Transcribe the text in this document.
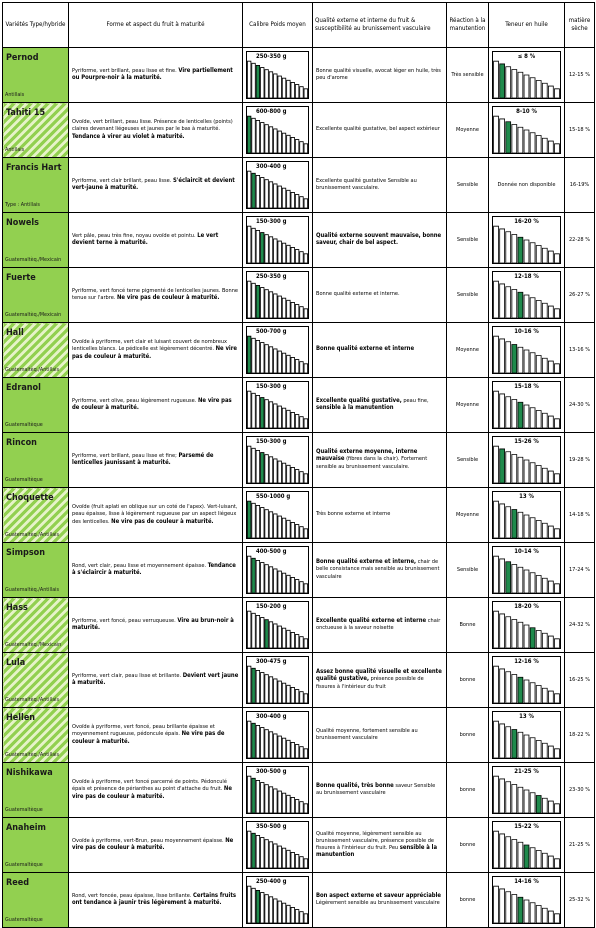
Variétés Type/hybride	Forme et aspect du fruit à maturité	Calibre Poids moyen	Qualité externe et interne du fruit & susceptibilité au brunissement vasculaire	Réaction à la manutention	Teneur en huile	matière sèche

Pernod
Antillais	Pyriforme, vert brillant, peau lisse et fine. Vire partiellement ou Pourpre-noir à la maturité.	250-350 g	Bonne qualité visuelle, avocat léger en huile, très peu d'arome	Très sensible	≤ 8 %	12-15 %

Tahiti 15
Antillais	Ovoïde, vert brillant, peau lisse. Présence de lenticelles (points) claires devenant liégeuses et jaunes par le bas à maturité. Tendance à virer au violet à maturité.	600-800 g	Excellente qualité gustative, bel aspect extérieur	Moyenne	8-10 %	15-18 %

Francis Hart
Type : Antillais	Pyriforme, vert clair brillant, peau lisse. S'éclaircit et devient vert-jaune à maturité.	300-400 g	Excellente qualité gustative Sensible au brunissement vasculaire.	Sensible	Donnée non disponible	16-19%

Nowels
Guatemaltèq./Mexicain	Vert pâle, peau très fine, noyau ovoïde et pointu. Le vert devient terne à maturité.	150-300 g	Qualité externe souvent mauvaise, bonne saveur, chair de bel aspect.	Sensible	16-20 %	22-28 %

Fuerte
Guatemaltèq./Mexicain	Pyriforme, vert foncé terne pigmenté de lenticelles jaunes. Bonne tenue sur l'arbre. Ne vire pas de couleur à maturité.	250-350 g	Bonne qualité externe et interne.	Sensible	12-18 %	26-27 %

Hall
Guatemaltèq./Antillais	Ovoïde à pyriforme, vert clair et luisant couvert de nombreux lenticelles blancs. Le pédicelle est légèrement décentré. Ne vire pas de couleur à maturité.	500-700 g	Bonne qualité externe et interne	Moyenne	10-16 %	13-16 %

Edranol
Guatemaltèque	Pyriforme, vert olive, peau légèrement rugueuse. Ne vire pas de couleur à maturité.	150-300 g	Excellente qualité gustative, peau fine, sensible à la manutention	Moyenne	15-18 %	24-30 %

Rincon
Guatemaltèque	Pyriforme, vert brillant, peau lisse et fine; Parsemé de lenticelles jaunissant à maturité.	150-300 g	Qualité externe moyenne, interne mauvaise (fibres dans la chair). Fortement sensible au brunissement vasculaire.	Sensible	15-26 %	19-28 %

Choquette
Guatemaltèq./Antillais	Ovoïde (fruit aplati en oblique sur un coté de l'apex). Vert-luisant, peau épaisse, lisse à légèrement rugueuse par un aspect liégeux des lenticelles. Ne vire pas de couleur à maturité.	550-1000 g	Très bonne externe et interne	Moyenne	13 %	14-18 %

Simpson
Guatemaltèq./Antillais	Rond, vert clair, peau lisse et moyennement épaisse. Tendance à s'éclaircir à maturité.	400-500 g	Bonne qualité externe et interne, chair de belle consistance mais sensible au brunissement vasculaire	Sensible	10-14 %	17-24 %

Hass
Guatemaltèq./Mexicain	Pyriforme, vert foncé, peau verruqueuse. Vire au brun-noir à maturité.	150-200 g	Excellente qualité externe et interne chair onctueuse à la saveur noisette	Bonne	18-20 %	24-32 %

Lula
Guatemaltèq./Antillais	Pyriforme, vert clair, peau lisse et brillante. Devient vert jaune à maturité.	300-475 g	Assez bonne qualité visuelle et excellente qualité gustative, présence possible de fissures à l'intérieur du fruit	bonne	12-16 %	16-25 %

Hellen
Guatemaltèq./Antillais	Ovoïde à pyriforme, vert foncé, peau brillante épaisse et moyennement rugueuse, pédoncule épais. Ne vire pas de couleur à maturité.	300-400 g	Qualité moyenne, fortement sensible au brunissement vasculaire	bonne	13 %	18-22 %

Nishikawa
Guatemaltèque	Ovoïde à pyriforme, vert foncé parcemé de points. Pédonculé épais et présence de périanthes au point d'attache du fruit. Ne vire pas de couleur à maturité.	300-500 g	Bonne qualité, très bonne saveur Sensible au brunissement vasculaire	bonne	21-25 %	23-30 %

Anaheim
Guatemaltèque	Ovoïde à pyriforme, vert-Brun, peau moyennement épaisse. Ne vire pas de couleur à maturité.	350-500 g	Qualité moyenne, légèrement sensible au brunissement vasculaire, présence possible de fissures à l'intérieur du fruit. Peu sensible à la manutention	bonne	15-22 %	21-25 %

Reed
Guatemaltèque	Rond, vert foncée, peau épaisse, lisse brillante. Certains fruits ont tendance à jaunir très légèrement à maturité.	250-400 g	Bon aspect externe et saveur appréciable Légèrement sensible au brunissement vasculaire	bonne	14-16 %	25-32 %
